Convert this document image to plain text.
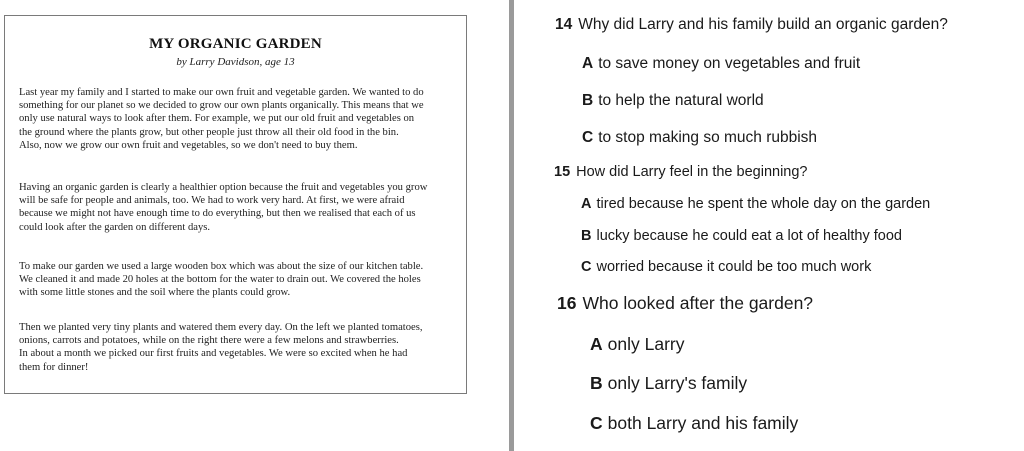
MY ORGANIC GARDEN
by Larry Davidson, age 13
Last year my family and I started to make our own fruit and vegetable garden. We wanted to do
something for our planet so we decided to grow our own plants organically. This means that we
only use natural ways to look after them. For example, we put our old fruit and vegetables on
the ground where the plants grow, but other people just throw all their old food in the bin.
Also, now we grow our own fruit and vegetables, so we don't need to buy them.
Having an organic garden is clearly a healthier option because the fruit and vegetables you grow
will be safe for people and animals, too. We had to work very hard. At first, we were afraid
because we might not have enough time to do everything, but then we realised that each of us
could look after the garden on different days.
To make our garden we used a large wooden box which was about the size of our kitchen table.
We cleaned it and made 20 holes at the bottom for the water to drain out. We covered the holes
with some little stones and the soil where the plants could grow.
Then we planted very tiny plants and watered them every day. On the left we planted tomatoes,
onions, carrots and potatoes, while on the right there were a few melons and strawberries.
In about a month we picked our first fruits and vegetables. We were so excited when he had
them for dinner!
14 Why did Larry and his family build an organic garden?
A to save money on vegetables and fruit
B to help the natural world
C to stop making so much rubbish
15 How did Larry feel in the beginning?
A tired because he spent the whole day on the garden
B lucky because he could eat a lot of healthy food
C worried because it could be too much work
16 Who looked after the garden?
A only Larry
B only Larry's family
C both Larry and his family
